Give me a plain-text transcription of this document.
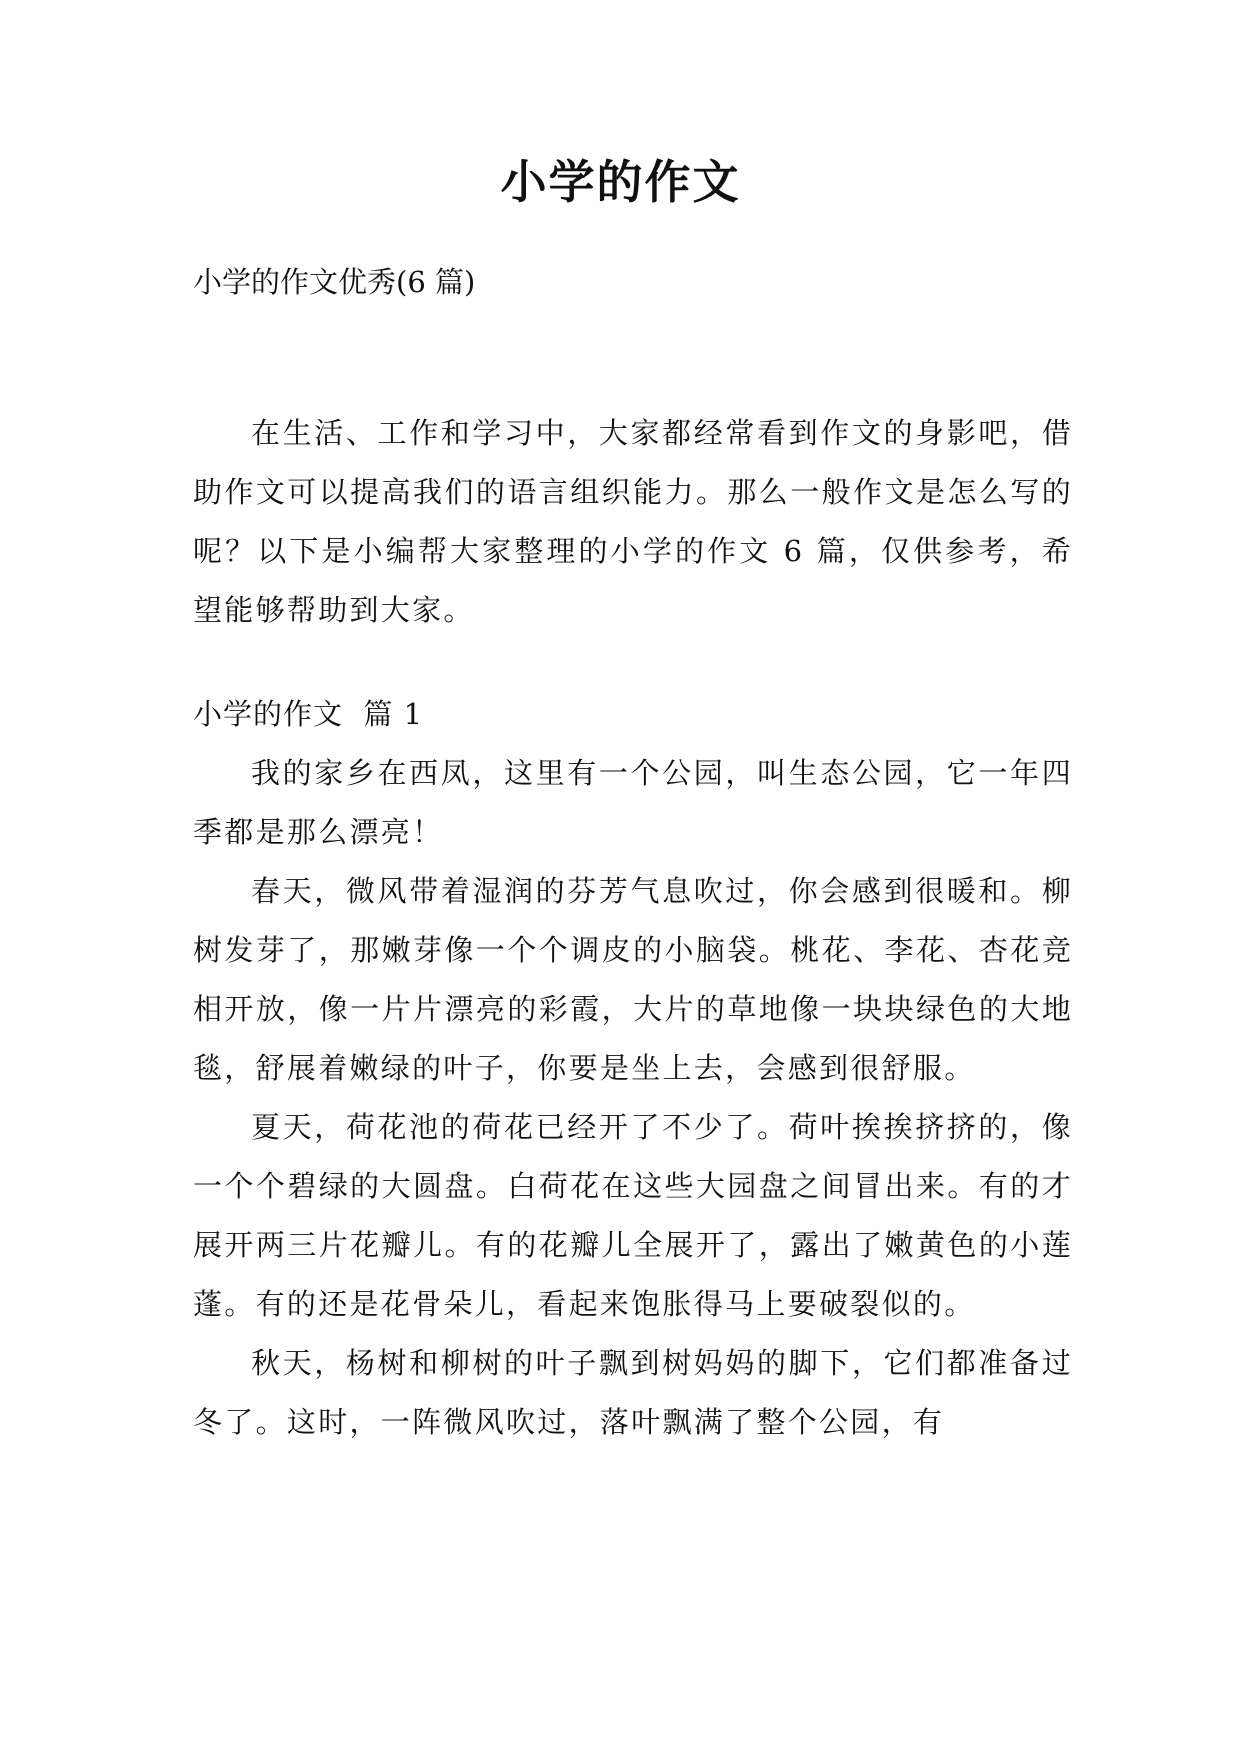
小学的作文

小学的作文优秀(6 篇)

在生活、工作和学习中，大家都经常看到作文的身影吧，借助作文可以提高我们的语言组织能力。那么一般作文是怎么写的呢？以下是小编帮大家整理的小学的作文 6 篇，仅供参考，希望能够帮助到大家。

小学的作文  篇 1

我的家乡在西凤，这里有一个公园，叫生态公园，它一年四季都是那么漂亮！

春天，微风带着湿润的芬芳气息吹过，你会感到很暖和。柳树发芽了，那嫩芽像一个个调皮的小脑袋。桃花、李花、杏花竞相开放，像一片片漂亮的彩霞，大片的草地像一块块绿色的大地毯，舒展着嫩绿的叶子，你要是坐上去，会感到很舒服。

夏天，荷花池的荷花已经开了不少了。荷叶挨挨挤挤的，像一个个碧绿的大圆盘。白荷花在这些大园盘之间冒出来。有的才展开两三片花瓣儿。有的花瓣儿全展开了，露出了嫩黄色的小莲蓬。有的还是花骨朵儿，看起来饱胀得马上要破裂似的。

秋天，杨树和柳树的叶子飘到树妈妈的脚下，它们都准备过冬了。这时，一阵微风吹过，落叶飘满了整个公园，有
